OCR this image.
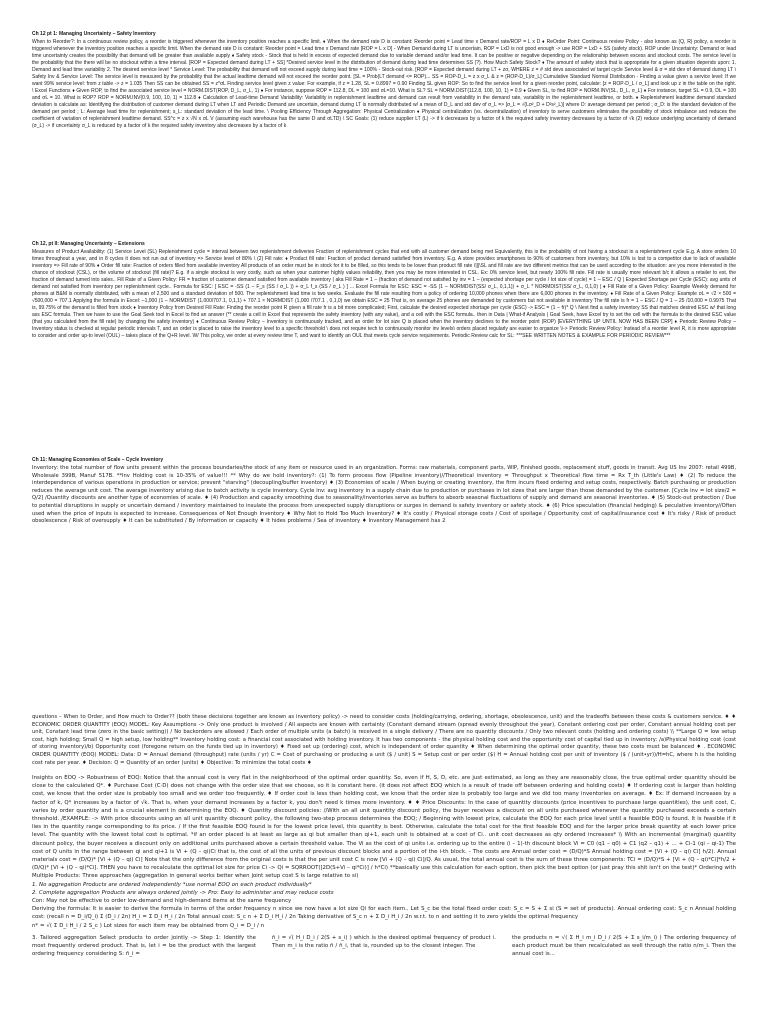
Ch 12 pt 1: Managing Uncertainty – Safety Inventory

When to Reorder?: In a continuous review policy, a reorder is triggered whenever the inventory position reaches a specific limit. ♦ When the demand rate D is constant: Reorder point = Lead time x Demand rate/ROP = L x D ♦ ReOrder Point: Continuous review Policy - also known as (Q, R) policy, a reorder is triggered whenever the inventory position reaches a specific limit. When the demand rate D is constant: Reorder point = Lead time x Demand rate [ROP = L x D] - When Demand during LT is uncertain, ROP = LxD is not good enough -> use ROP = LxD + SS (safety stock). ROP under Uncertainty: Demand or lead time uncertainty creates the possibility that demand will be greater than available supply ♦ Safety stock - Stock that is held in excess of expected demand due to variable demand and/or lead time. It can be positive or negative depending on the relationship between excess and stockout costs. The service level is the probability that the there will be no stockout within a time interval. [ROP = Expected demand during LT + SS] *Desired service level in the distribution of demand during lead time determines SS (?). How Much Safety Stock? ♦ The amount of safety stock that is appropriate for a given situation depends upon: 1. Demand and lead time variability 2. The desired service level * Service Level: The probability that demand will not exceed supply during lead time = 100% - Stock-out risk. [ROP = Expected demand during LT + zσ, WHERE z = # std devs associated w/ target cycle Service level & σ = std dev of demand during LT \ Safety Inv & Service Level: The service level is measured by the probability that the actual leadtime demand will not exceed the reorder point. [SL = Prob(LT demand <= ROP)... SS = ROP-D_L = z x σ_L & z = (ROP-D_L)/σ_L] Cumulative Standard Normal Distribution - Finding a value given a service level: If we want 99% service level: from z table -> z = 1.035 Then SS can be obtained SS = z*σL Finding service level given z value: For example, if z = 1.28, SL = 0.8997 = 0.90 Finding SL given ROP: So to find the service level for a given reorder point, calculate: [z = ROP-D_L / σ_L] and look up z in the table on the right. \ Excel Functions ♦ Given ROP, to find the associated service level = NORM.DIST(ROP, D_L, σ_L, 1) ♦ For instance, suppose ROP = 112.8, DL = 100 and σL=10. What is SL? SL = NORM.DIST(112.8, 100, 10, 1) = 0.9 ♦ Given SL, to find ROP = NORM.INV(SL, D_L, σ_L) ♦ For instance, target SL = 0.9, DL = 100 and σL = 10. What is ROP? ROP = NORM.INV(0.9, 100, 10, 1) = 112.8 ♦ Calculation of Lead-time Demand Variability: Variability in replenishment leadtime and demand can result from variability in the demand rate, variability in the replenishment leadtime, or both. ♦ Replenishment leadtime demand standard deviation is calculate as: Identifying the distribution of customer demand during LT when LT and Periodic Demand are uncertain, demand during LT is normally distributed w/ a mean of D_L and std dev of σ_L => [σ_L = √(Lσ²_D + D²s²_L)] where D: average demand per period ; σ_D: is the standard deviation of the demand per period ; L: Average lead time for replenishment; s_L: standard deviation of the lead time. \ Pooling Efficiency Through Aggregation: Physical Centralization ♦ Physical centralization (vs. decentralization) of inventory to serve customers eliminates the possibility of stock imbalance and reduces the coefficient of variation of replenishment leadtime demand. SS^c = z x √N x σL V (assuming each warehouse has the same D and σLTD) \ SC Goals: (1) reduce supplier LT (L) -> if k decreases by a factor of k the required safety inventory decreases by a factor of √k (2) reduce underlying uncertainty of demand (σ_L) -> if uncertainty σ_L is reduced by a factor of k the required safety inventory also decreases by a factor of k

Ch 12, pt II: Managing Uncertainty – Extensions

Measures of Product Availability: (1) Service Level (SL) Replenishment cycle = interval between two replenishment deliveries Fraction of replenishment cycles that end with all customer demand being met Equivalently, this is the probability of not having a stockout in a replenishment cycle E.g. A store orders 10 times throughout a year, and in 8 cycles it does not run out of inventory => Service level of 80% \ (2) Fill rate: ♦ Product fill rate: Fraction of product demand satisfied from inventory. E.g. A store provides smartphones to 90% of customers from inventory, but 10% is lost to a competitor due to lack of available inventory => Fill rate of 90% ♦ Order fill rate: Fraction of orders filled from available inventory All products of an order must be in stock for it to be filled, so this tends to be lower than product fill rate /|||\SL and fill rate are two different metrics that can be used according to the situation: are you more interested in the chance of stockout (CSL), or the volume of stockout (fill rate)? E.g. if a single stockout is very costly, such as when your customer highly values reliability, then you may be more interested in CSL. Ex: 0% service level, but nearly 100% fill rate. Fill rate is usually more relevant b/c it allows a retailer to est. the fraction of demand turned into sales.. Fill Rate of a Given Policy: FR = fraction of customer demand satisfied from available inventory | aka Fill Rate = 1 – (fraction of demand not satisfied by inv = 1 – (expected shortage per cycle / lot size of cycle) = 1 – ESC / Q | Expected Shortage per Cycle (ESC): avg units of demand not satisfied from inventory per replenishment cycle.. Formula for ESC: [ ESC = -SS (1 – F_s (SS / σ_L )) + σ_L f_s (SS / σ_L ) ] ... Excel Formula for ESC: ESC = -SS (1 – NORMDIST(SS/ σ_L, 0,1,1)) + σ_L * NORMDIST(SS/ σ_L, 0,1,0) | ♦ Fill Rate of a Given Policy: Example Weekly demand for phones at B&M is normally distributed, with a mean of 2,500 and a standard deviation of 500. The replenishment lead time is two weeks. Evaluate the fill rate resulting from a policy of ordering 10,000 phones when there are 6,000 phones in the inventory. ♦ Fill Rate of a Given Policy: Example σL = √2 × 500 = √500,000 = 707.1 Applying the formula in Excel: –1,000 (1 – NORMDIST (1,000/707.1, 0,1,1) + 707.1 × NORMDIST (1,000 /707.1 , 0,1,0) we obtain ESC = 25 That is, on average 25 phones are demanded by customers but not available in inventory The fill rate is fr = 1 – ESC / Q = 1 – 25 /10,000 = 0.9975 That is, 99.75% of the demand is filled from stock ♦ Inventory Policy from Desired Fill Rate: Finding the reorder point R given a fill rate fr is a bit more complicated; First, calculate the desired expected shortage per cycle (ESC) -> ESC = (1 – fr)* Q \ Next find a safety inventory SS that matches desired ESC w/ that long ass ESC formula. Then we have to use the Goal Seek tool in Excel to find an answer (** create a cell in Excel that represents the safety inventory (with any value), and a cell with the ESC formula.. then in Data | What-if Analysis | Goal Seek, have Excel try to set the cell with the formula to the desired ESC value (that you calculated from the fill rate) by changing the safety inventory) ♦ Continuous Review Policy – Inventory is continuously tracked, and an order for lot size Q is placed when the inventory declines to the reorder point (ROP) [EVERYTHING UP UNTIL NOW HAS BEEN CRP] ♦ Periodic Review Policy – Inventory status is checked at regular periodic intervals T, and an order is placed to raise the inventory level to a specific threshold \ does not require tech to continuously monitor inv levels\ orders placed regularly are easier to organize \\-> Periodic Review Policy: Instead of a reorder level R, it is more appropriate to consider and order up-to level (OUL) – takes place of the Q+R level. W/ This policy, we order at every review time T, and want to identify an OUL that meets cycle service requirements. Periodic Review calc for SL: ***SEE WRITTEN NOTES & EXAMPLE FOR PERIODIC REVIEW***

Ch 11: Managing Economies of Scale – Cycle Inventory

Inventory: the total number of flow units present within the process boundaries/the stock of any item or resource used in an organization. Forms: raw materials, component parts, WIP, Finished goods, replacement stuff, goods in transit. Avg US Inv 2007: retail 499B, Wholesale 399B, Manuf 517B. **Inv Holding cost is 10-35% of value!!! ** Why do we hold inventory?: (1) To form process flow (Pipeline inventory)//Theoretical inventory = Throughput x Theoretical flow time = Rx T_th (Little's Law) ♦ (2) To reduce the interdependence of various operations in production or service; prevent "starving" (decoupling/buffer inventory) ♦ (3) Economies of scale / When buying or creating inventory, the firm incurs fixed ordering and setup costs, respectively. Batch purchasing or production reduces the average unit cost. The average inventory arising due to batch activity is cycle inventory. Cycle inv: avg inventory in a supply chain due to production or purchases in lot sizes that are larger than those demanded by the customer. [Cycle inv = lot size/2 = Q/2] /Quantity discounts are another type of economies of scale. ♦ (4) Production and capacity smoothing due to seasonality/inventories serve as buffers to absorb seasonal fluctuations of supply and demand are seasonal inventories. ♦ (5) Stock-out protection / Due to potential disruptions in supply or uncertain demand / inventory maintained to insulate the process from unexpected supply disruptions or surges in demand is safety inventory or safety stock. ♦ (6) Price speculation (financial hedging) & peculative inventory//Often used when the price of inputs is expected to increase. Consequences of Not Enough Inventory ♦ Why Not to Hold Too Much Inventory? ♦ It's costly / Physical storage costs / Cost of spoilage / Opportunity cost of capital/insurance cost ♦ It's risky / Risk of product obsolescence / Risk of oversupply ♦ It can be substituted / By information or capacity ♦ It hides problems / Sea of inventory ♦ Inventory Management has 2

questions – When to Order, and How much to Order?? (both these decisions together are known as inventory policy) -> need to consider costs (holding/carrying, ordering, shortage, obsolescence, unit) and the tradeoffs between these costs & customers service. ♦ ♦ ECONOMIC ORDER QUANTITY (EOQ) MODEL: Key Assumptions -> Only one product is involved / All aspects are known with certainty (Constant demand stream (spread evenly throughout the year), Constant ordering cost per order, Constant annual holding cost per unit, Constant lead time (zero in the basic setting)) / No backorders are allowed / Each order of multiple units (a batch) is received in a single delivery / There are no quantity discounts / Only two relevant costs (holding and ordering costs) \\ **Large Q = low setup cost, high holding; Small Q = high setup, low holding** Inventory holding cost: a financial cost associated with holding inventory. It has two components - the physical holding cost and the opportunity cost of capital tied up in inventory: /a)Physical holding cost (cost of storing inventory)/b) Opportunity cost (foregone return on the funds tied up in inventory) ♦ Fixed set up (ordering) cost, which is independent of order quantity ♦ When determining the optimal order quantity, these two costs must be balanced ♦ . ECONOMIC ORDER QUANTITY (EOQ) MODEL: Data: D = Annual demand (throughput) rate (units / yr) C = Cost of purchasing or producing a unit ($ / unit) S = Setup cost or per order ($) H = Annual holding cost per unit of inventory ($ / (unit•yr))/H=hC, where h is the holding cost rate per year. ♦ Decision: Q = Quantity of an order (units) ♦ Objective: To minimize the total costs ♦

Insights on EOQ -> Robustness of EOQ: Notice that the annual cost is very flat in the neighborhood of the optimal order quantity. So, even if H, S, D, etc. are just estimated, as long as they are reasonably close, the true optimal order quantity should be close to the calculated Q*. ♦ Purchase Cost (C·D) does not change with the order size that we choose, so it is constant here. (it does not affect EOQ which is a result of trade off between ordering and holding costs) ♦ If ordering cost is larger than holding cost, we know that the order size is probably too small and we order too frequently. ♦ If order cost is less than holding cost, we know that the order size is probably too large and we did too many inventories on average. ♦ Ex: If demand increases by a factor of k, Q* increases by a factor of √k. That is, when your demand increases by a factor k, you don't need k times more inventory. ♦ ♦ Price Discounts: In the case of quantity discounts (price incentives to purchase large quantities), the unit cost, C, varies by order quantity and is a crucial element in determining the EOQ. ♦ Quantity discount policies: //With an all unit quantity discount policy, the buyer receives a discount on all units purchased whenever the quantity purchased exceeds a certain threshold. /EXAMPLE: -> With price discounts using an all unit quantity discount policy, the following two-step process determines the EOQ; / Beginning with lowest price, calculate the EOQ for each price level until a feasible EOQ is found. It is feasible if it lies in the quantity range corresponding to its price. / If the first feasible EOQ found is for the lowest price level, this quantity is best. Otherwise, calculate the total cost for the first feasible EOQ and for the larger price break quantity at each lower price level. The quantity with the lowest total cost is optimal. *if an order placed is at least as large as qi but smaller than qi+1, each unit is obtained at a cost of Ci.. unit cost decreases as qty ordered increases* \\ With an incremental (marginal) quantity discount policy, the buyer receives a discount only on additional units purchased above a certain threshold value. The Vi as the cost of qi units i.e. ordering up to the entire (i – 1)-th discount block Vi = C0 (q1 – q0) + C1 (q2 – q1) + ... + Ci-1 (qi – qi-1) The cost of Q units in the range between qi and qi+1 is Vi + (Q – qi)Ci that is, the cost of all the units of previous discount blocks and a portion of the i-th block. - The costs are Annual order cost = (D/Q)*S Annual holding cost = [Vi + (Q – qi) Ci] h/2). Annual materials cost = (D/Q)* [Vi + (Q – qi) Ci] Note that the only difference from the original costs is that the per unit cost C is now [Vi + (Q – qi) Ci]/Q. As usual, the total annual cost is the sum of these three components: TCi = (D/Q)*S + [Vi + (Q – qi)*Ci]*h/2 + (D/Q)* [Vi + (Q – qi)*Ci]. THEN you have to recalculate the optimal lot size for price Ci -> Qi = SQRROOT([2D(S+Vi – qi*Ci)] / h*Ci) **basically use this calculation for each option, then pick the best option (or just pray this shit isn't on the test)* Ordering with Multiple Products: Three approaches (aggregation in general works better when joint setup cost S is large relative to si)

1. No aggregation Products are ordered independently *use normal EOQ on each product individually*

2. Complete aggregation Products are always ordered jointly -> Pro: Easy to administer and may reduce costs

Con: May not be effective to order low-demand and high-demand items at the same frequency

Deriving the formula: It is easier to derive the formula in terms of the order frequency n since we now have a lot size Qi for each item.. Let S_c be the total fixed order cost: S_c = S + Σ si (S = set of products). Annual ordering cost: S_c n Annual holding cost: (recall n = D_i/Q_i) Σ (D_i / 2n) H_i = Σ D_i H_i / 2n Total annual cost: S_c n + Σ D_i H_i / 2n Taking derivative of S_c n + Σ D_i H_i / 2n w.r.t. to n and setting it to zero yields the optimal frequency

n* = √( Σ D_i H_i / 2 S_c ) Lot sizes for each item may be obtained from Q_i = D_i / n

3. Tailored aggregation Select products to order jointly -> Step 1: Identify the most frequently ordered product. That is, let i = be the product with the largest ordering frequency considering S: n̄_i =

n̄_i = √( H_i D_i / 2(S + s_i) ) which is the desired optimal frequency of product i. Then m_i is the ratio n̄ / n̄_i, that is, rounded up to the closest integer. The

the products n = √( Σ H_i m_i D_i / 2(S + Σ s_i/m_i) ) The ordering frequency of each product must be then recalculated as well through the ratio n/m_i. Then the annual cost is...
